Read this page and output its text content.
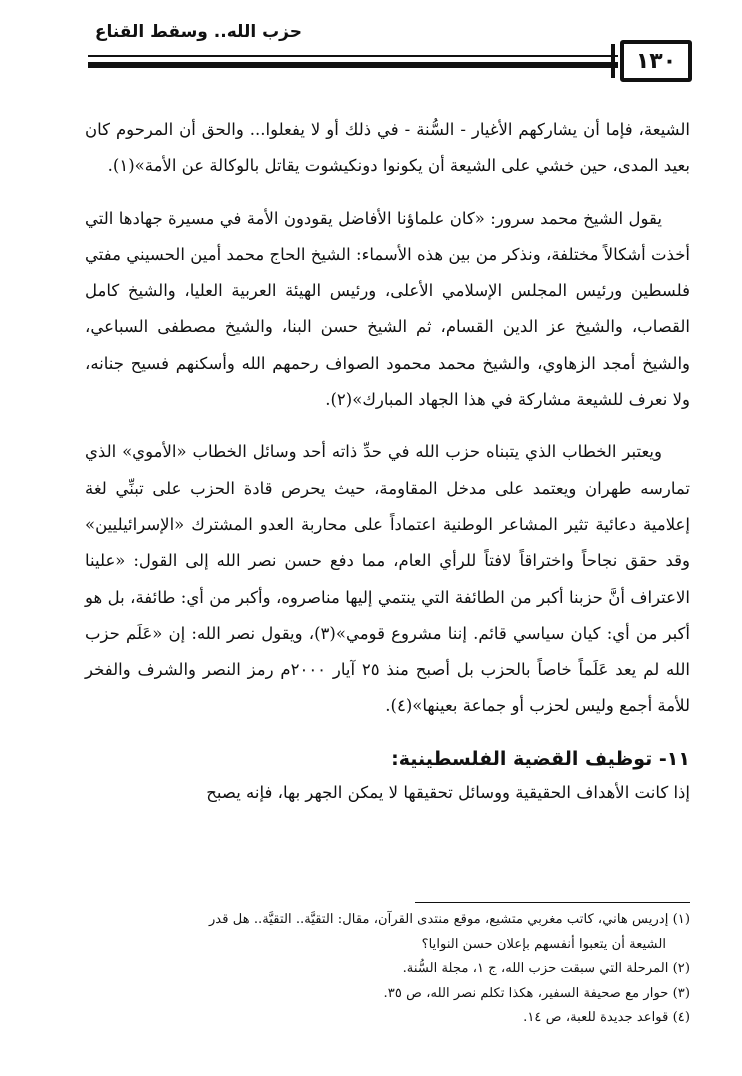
حزب الله.. وسقط القناع
١٣٠

الشيعة، فإما أن يشاركهم الأغيار - السُّنة - في ذلك أو لا يفعلوا... والحق أن المرحوم كان بعيد المدى، حين خشي على الشيعة أن يكونوا دونكيشوت يقاتل بالوكالة عن الأمة»(١).

يقول الشيخ محمد سرور: «كان علماؤنا الأفاضل يقودون الأمة في مسيرة جهادها التي أخذت أشكالاً مختلفة، ونذكر من بين هذه الأسماء: الشيخ الحاج محمد أمين الحسيني مفتي فلسطين ورئيس المجلس الإسلامي الأعلى، ورئيس الهيئة العربية العليا، والشيخ كامل القصاب، والشيخ عز الدين القسام، ثم الشيخ حسن البنا، والشيخ مصطفى السباعي، والشيخ أمجد الزهاوي، والشيخ محمد محمود الصواف رحمهم الله وأسكنهم فسيح جنانه، ولا نعرف للشيعة مشاركة في هذا الجهاد المبارك»(٢).

ويعتبر الخطاب الذي يتبناه حزب الله في حدِّ ذاته أحد وسائل الخطاب «الأموي» الذي تمارسه طهران ويعتمد على مدخل المقاومة، حيث يحرص قادة الحزب على تبنِّي لغة إعلامية دعائية تثير المشاعر الوطنية اعتماداً على محاربة العدو المشترك «الإسرائيليين» وقد حقق نجاحاً واختراقاً لافتاً للرأي العام، مما دفع حسن نصر الله إلى القول: «علينا الاعتراف أنَّ حزبنا أكبر من الطائفة التي ينتمي إليها مناصروه، وأكبر من أي: طائفة، بل هو أكبر من أي: كيان سياسي قائم. إننا مشروع قومي»(٣)، ويقول نصر الله: إن «عَلَم حزب الله لم يعد عَلَماً خاصاً بالحزب بل أصبح منذ ٢٥ آيار ٢٠٠٠م رمز النصر والشرف والفخر للأمة أجمع وليس لحزب أو جماعة بعينها»(٤).

١١- توظيف القضية الفلسطينية:

إذا كانت الأهداف الحقيقية ووسائل تحقيقها لا يمكن الجهر بها، فإنه يصبح

(١) إدريس هاني، كاتب مغربي متشيع، موقع منتدى القرآن، مقال: التقيَّة.. التقيَّة.. هل قدر

الشيعة أن يتعبوا أنفسهم بإعلان حسن النوايا؟

(٢) المرحلة التي سبقت حزب الله، ج ١، مجلة السُّنة.

(٣) حوار مع صحيفة السفير، هكذا تكلم نصر الله، ص ٣٥.

(٤) قواعد جديدة للعبة، ص ١٤.
